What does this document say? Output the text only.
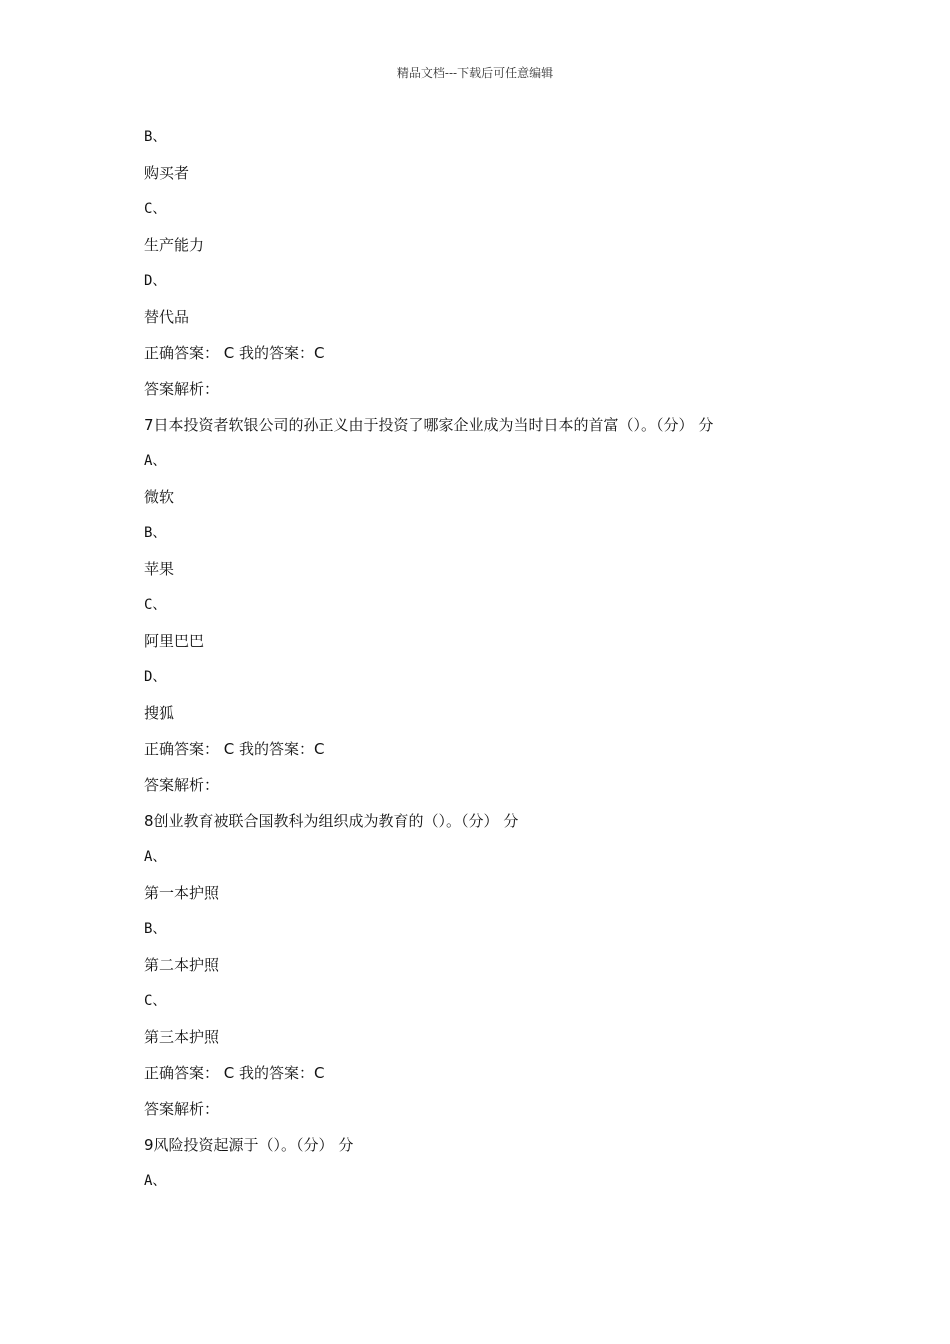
精品文档---下载后可任意编辑
B、
购买者
C、
生产能力
D、
替代品
正确答案： C 我的答案：C
答案解析：
7日本投资者软银公司的孙正义由于投资了哪家企业成为当时日本的首富（）。（分） 分
A、
微软
B、
苹果
C、
阿里巴巴
D、
搜狐
正确答案： C 我的答案：C
答案解析：
8创业教育被联合国教科为组织成为教育的（）。（分） 分
A、
第一本护照
B、
第二本护照
C、
第三本护照
正确答案： C 我的答案：C
答案解析：
9风险投资起源于（）。（分） 分
A、
